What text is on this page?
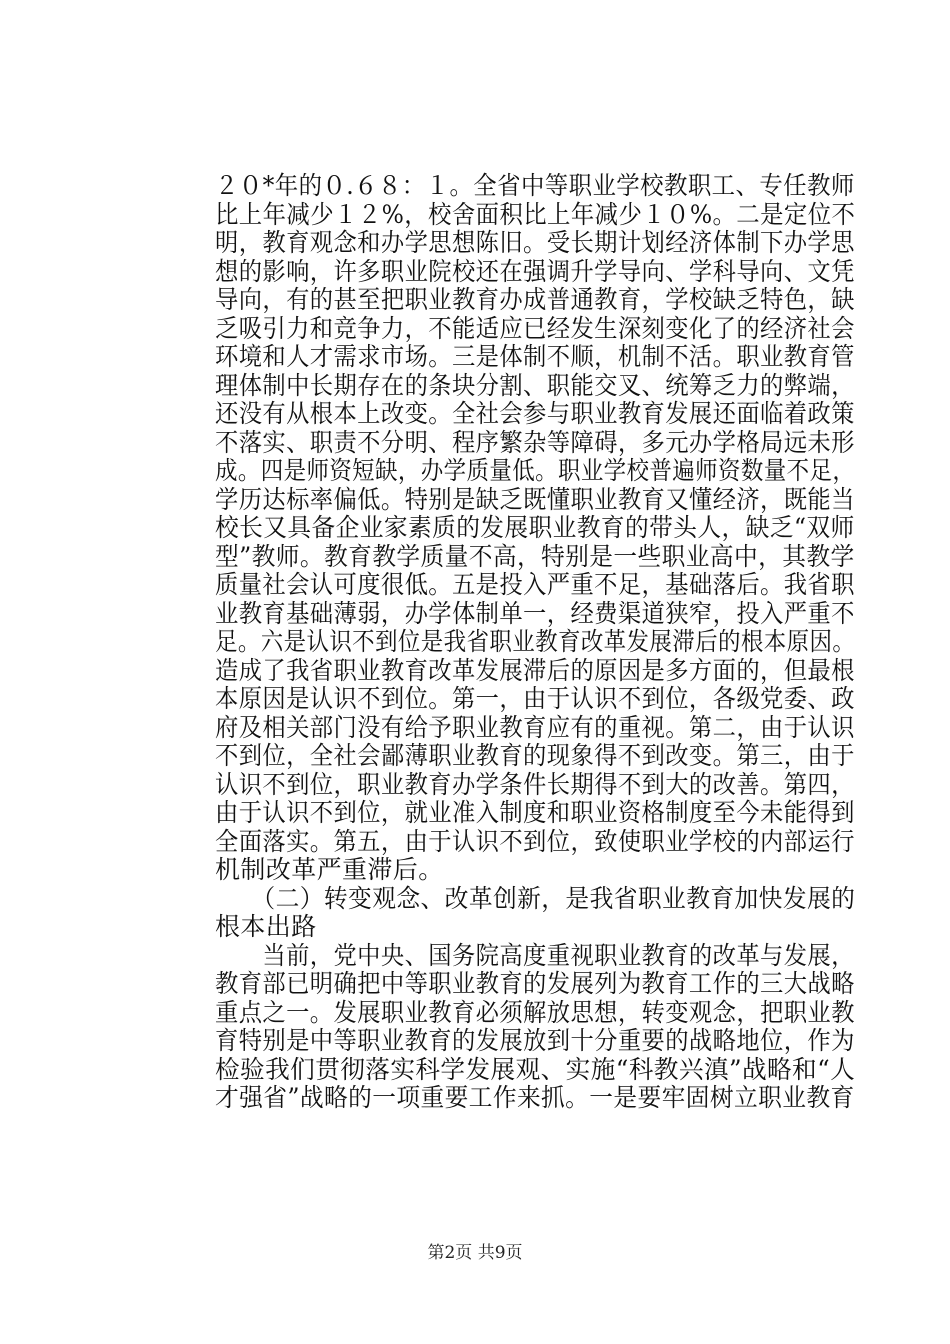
２０*年的０.６８：１。全省中等职业学校教职工、专任教师
比上年减少１２%，校舍面积比上年减少１０%。二是定位不
明，教育观念和办学思想陈旧。受长期计划经济体制下办学思
想的影响，许多职业院校还在强调升学导向、学科导向、文凭
导向，有的甚至把职业教育办成普通教育，学校缺乏特色，缺
乏吸引力和竞争力，不能适应已经发生深刻变化了的经济社会
环境和人才需求市场。三是体制不顺，机制不活。职业教育管
理体制中长期存在的条块分割、职能交叉、统筹乏力的弊端，
还没有从根本上改变。全社会参与职业教育发展还面临着政策
不落实、职责不分明、程序繁杂等障碍，多元办学格局远未形
成。四是师资短缺，办学质量低。职业学校普遍师资数量不足，
学历达标率偏低。特别是缺乏既懂职业教育又懂经济，既能当
校长又具备企业家素质的发展职业教育的带头人，缺乏“双师
型”教师。教育教学质量不高，特别是一些职业高中，其教学
质量社会认可度很低。五是投入严重不足，基础落后。我省职
业教育基础薄弱，办学体制单一，经费渠道狭窄，投入严重不
足。六是认识不到位是我省职业教育改革发展滞后的根本原因。
造成了我省职业教育改革发展滞后的原因是多方面的，但最根
本原因是认识不到位。第一，由于认识不到位，各级党委、政
府及相关部门没有给予职业教育应有的重视。第二，由于认识
不到位，全社会鄙薄职业教育的现象得不到改变。第三，由于
认识不到位，职业教育办学条件长期得不到大的改善。第四，
由于认识不到位，就业准入制度和职业资格制度至今未能得到
全面落实。第五，由于认识不到位，致使职业学校的内部运行
机制改革严重滞后。
　　（二）转变观念、改革创新，是我省职业教育加快发展的
根本出路
　　当前，党中央、国务院高度重视职业教育的改革与发展，
教育部已明确把中等职业教育的发展列为教育工作的三大战略
重点之一。发展职业教育必须解放思想，转变观念，把职业教
育特别是中等职业教育的发展放到十分重要的战略地位，作为
检验我们贯彻落实科学发展观、实施“科教兴滇”战略和“人
才强省”战略的一项重要工作来抓。一是要牢固树立职业教育
第2页 共9页
